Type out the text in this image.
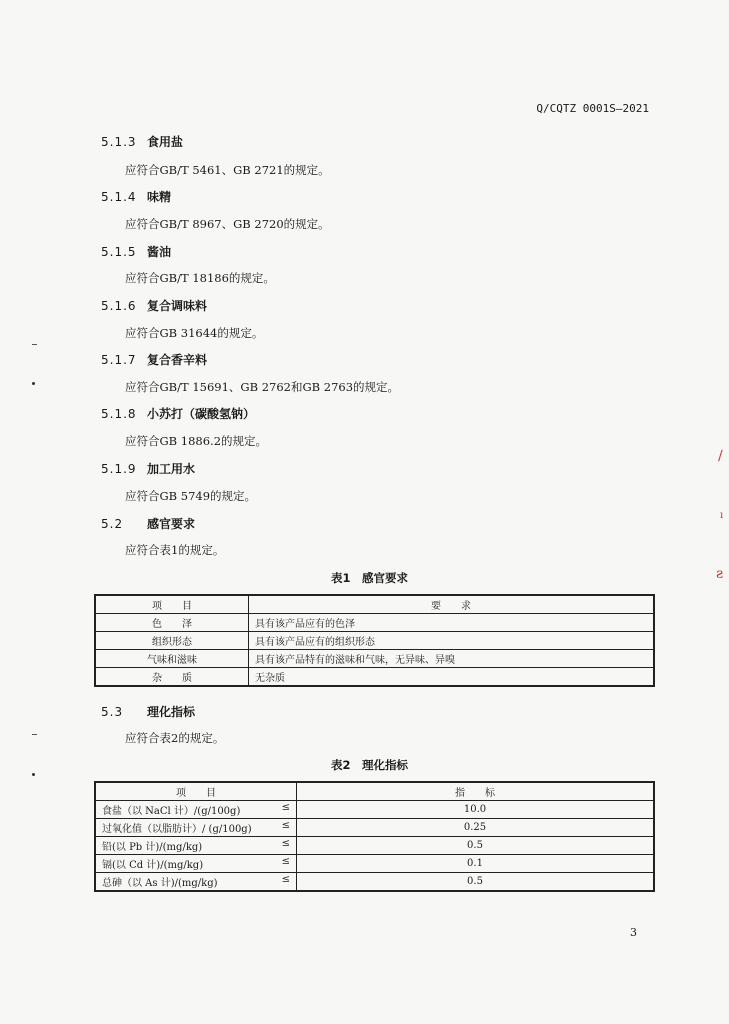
Q/CQTZ 0001S—2021
5.1.3 食用盐
应符合GB/T 5461、GB 2721的规定。
5.1.4 味精
应符合GB/T 8967、GB 2720的规定。
5.1.5 酱油
应符合GB/T 18186的规定。
5.1.6 复合调味料
应符合GB 31644的规定。
5.1.7 复合香辛料
应符合GB/T 15691、GB 2762和GB 2763的规定。
5.1.8 小苏打（碳酸氢钠）
应符合GB 1886.2的规定。
5.1.9 加工用水
应符合GB 5749的规定。
5.2 感官要求
应符合表1的规定。
表1　感官要求
项　　目	要　　求
色　　泽	具有该产品应有的色泽
组织形态	具有该产品应有的组织形态
气味和滋味	具有该产品特有的滋味和气味，无异味、异嗅
杂　　质	无杂质
5.3 理化指标
应符合表2的规定。
表2　理化指标
项　　目	指　　标
食盐（以 NaCl 计）/(g/100g) ≤	10.0
过氧化值（以脂肪计）/ (g/100g) ≤	0.25
铅(以 Pb 计)/(mg/kg) ≤	0.5
镉(以 Cd 计)/(mg/kg) ≤	0.1
总砷（以 As 计)/(mg/kg) ≤	0.5
3
∕
ı
ƨ
